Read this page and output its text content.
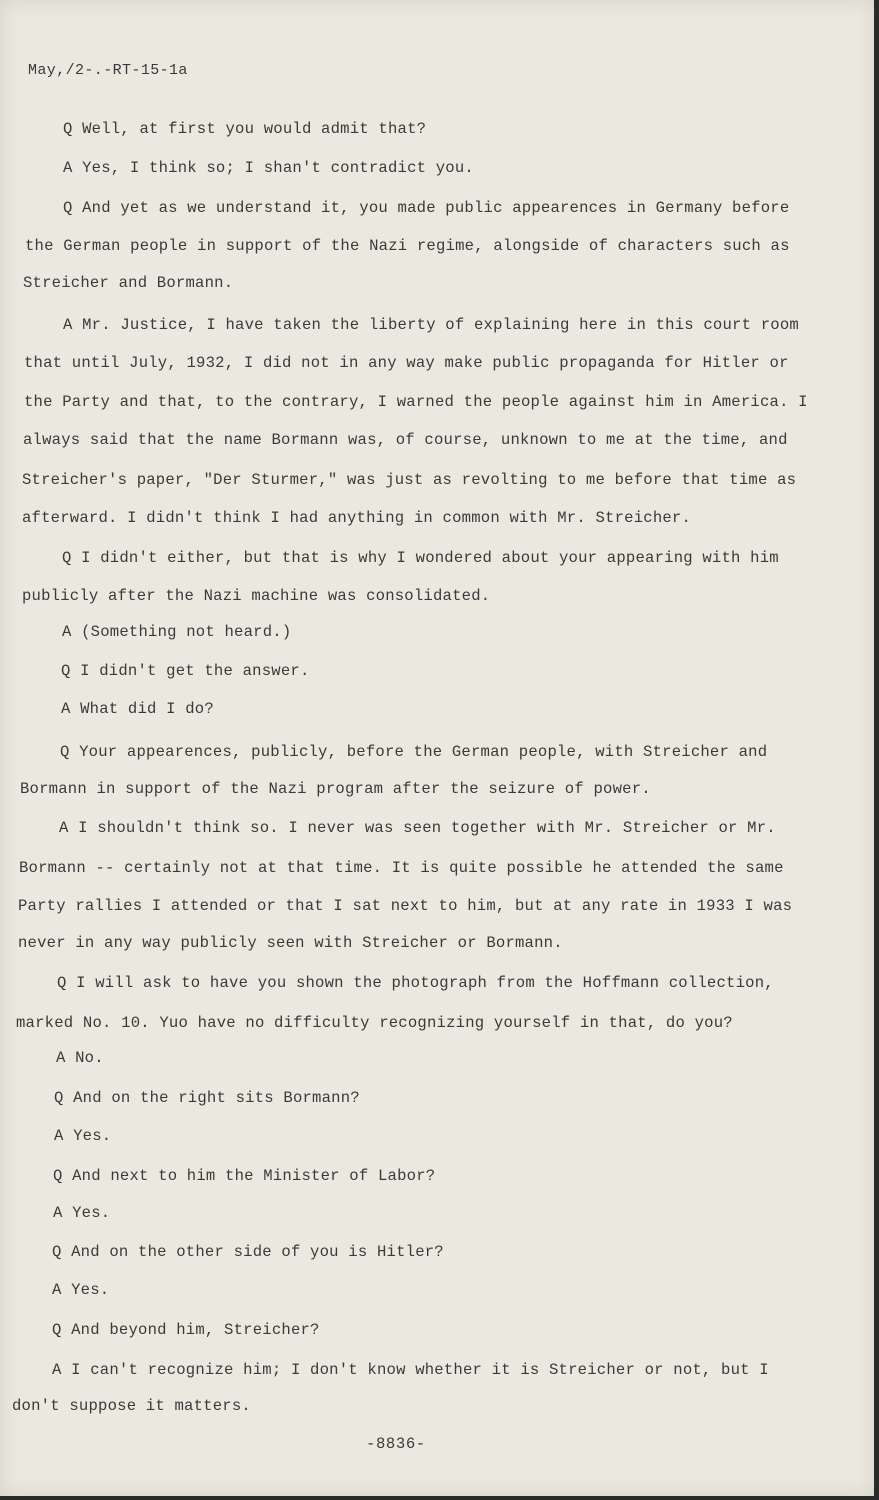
May,/2-.-RT-15-1a
Q Well, at first you would admit that?
A Yes, I think so; I shan't contradict you.
Q And yet as we understand it, you made public appearences in Germany before
the German people in support of the Nazi regime, alongside of characters such as
Streicher and Bormann.
A Mr. Justice, I have taken the liberty of explaining here in this court room
that until July, 1932, I did not in any way make public propaganda for Hitler or
the Party and that, to the contrary, I warned the people against him in America. I
always said that the name Bormann was, of course, unknown to me at the time, and
Streicher's paper, "Der Sturmer," was just as revolting to me before that time as
afterward. I didn't think I had anything in common with Mr. Streicher.
Q I didn't either, but that is why I wondered about your appearing with him
publicly after the Nazi machine was consolidated.
A (Something not heard.)
Q I didn't get the answer.
A What did I do?
Q Your appearences, publicly, before the German people, with Streicher and
Bormann in support of the Nazi program after the seizure of power.
A I shouldn't think so. I never was seen together with Mr. Streicher or Mr.
Bormann -- certainly not at that time. It is quite possible he attended the same
Party rallies I attended or that I sat next to him, but at any rate in 1933 I was
never in any way publicly seen with Streicher or Bormann.
Q I will ask to have you shown the photograph from the Hoffmann collection,
marked No. 10. Yuo have no difficulty recognizing yourself in that, do you?
A No.
Q And on the right sits Bormann?
A Yes.
Q And next to him the Minister of Labor?
A Yes.
Q And on the other side of you is Hitler?
A Yes.
Q And beyond him, Streicher?
A I can't recognize him; I don't know whether it is Streicher or not, but I
don't suppose it matters.
-8836-
